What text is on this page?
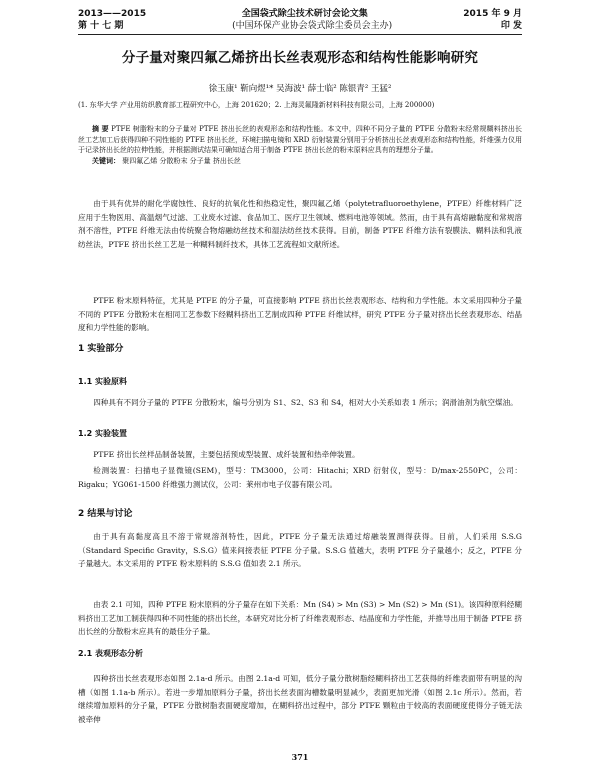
2013——2015	全国袋式除尘技术研讨会论文集	2015 年 9 月
第 十 七 期	(中国环保产业协会袋式除尘委员会主办)	印 发
分子量对聚四氟乙烯挤出长丝表观形态和结构性能影响研究
徐玉康¹ 靳向煜¹* 吴海波¹ 薛士临² 陈银青² 王猛²
(1. 东华大学 产业用纺织教育部工程研究中心，上海 201620；2. 上海灵氟隆新材料科技有限公司，上海 200000)
摘 要 PTFE 树脂粉末的分子量对 PTFE 挤出长丝的表观形态和结构性能。本文中，四种不同分子量的 PTFE 分散粉末经常规糊料挤出长丝工艺加工后获得四种不同性能的 PTFE 挤出长丝，环境扫描电镜和 XRD 衍射装置分别用于分析挤出长丝表观形态和结构性能，纤维强力仪用于记录挤出长丝的拉伸性能，并根据测试结果可确知适合用于制备 PTFE 挤出长丝的粉末原料应具有的理想分子量。
关键词： 聚四氟乙烯 分散粉末 分子量 挤出长丝
由于具有优异的耐化学腐蚀性、良好的抗氧化性和热稳定性，聚四氟乙烯（polytetrafluoroethylene，PTFE）纤维材料广泛应用于生物医用、高温烟气过滤、工业废水过滤、食品加工、医疗卫生领域、燃料电池等领域。然而，由于具有高熔融黏度和常规溶剂不溶性，PTFE 纤维无法由传统聚合物熔融纺丝技术和湿法纺丝技术获得。目前，制备 PTFE 纤维方法有裂膜法、糊料法和乳液纺丝法，PTFE 挤出长丝工艺是一种糊料制纤技术，具体工艺流程如文献所述。
PTFE 粉末原料特征，尤其是 PTFE 的分子量，可直接影响 PTFE 挤出长丝表观形态、结构和力学性能。本文采用四种分子量不同的 PTFE 分散粉末在相同工艺参数下经糊料挤出工艺制成四种 PTFE 纤维试样，研究 PTFE 分子量对挤出长丝表观形态、结晶度和力学性能的影响。
1 实验部分
1.1 实验原料
四种具有不同分子量的 PTFE 分散粉末，编号分别为 S1、S2、S3 和 S4，相对大小关系如表 1 所示；润滑油剂为航空煤油。
1.2 实验装置
PTFE 挤出长丝样品制备装置，主要包括预成型装置、成纤装置和热牵伸装置。
检测装置：扫描电子显微镜(SEM)，型号：TM3000，公司：Hitachi；XRD 衍射仪，型号：D/max-2550PC，公司：Rigaku；YG061-1500 纤维强力测试仪，公司：莱州市电子仪器有限公司。
2 结果与讨论
由于具有高黏度高且不溶于常规溶剂特性，因此，PTFE 分子量无法通过熔融装置测得获得。目前，人们采用 S.S.G（Standard Specific Gravity，S.S.G）值来间接表征 PTFE 分子量。S.S.G 值越大，表明 PTFE 分子量越小；反之，PTFE 分子量越大。本文采用的 PTFE 粉末原料的 S.S.G 值如表 2.1 所示。
由表 2.1 可知，四种 PTFE 粉末原料的分子量存在如下关系：Mn (S4) > Mn (S3) > Mn (S2) > Mn (S1)。该四种原料经糊料挤出工艺加工制获得四种不同性能的挤出长丝，本研究对比分析了纤维表观形态、结晶度和力学性能，并推导出用于制备 PTFE 挤出长丝的分散粉末应具有的最佳分子量。
2.1 表观形态分析
四种挤出长丝表观形态如图 2.1a-d 所示。由图 2.1a-d 可知，低分子量分散树脂经糊料挤出工艺获得的纤维表面带有明显的沟槽（如图 1.1a-b 所示）。若进一步增加原料分子量，挤出长丝表面沟槽数量明显减少，表面更加光滑（如图 2.1c 所示）。然而，若继续增加原料的分子量，PTFE 分散树脂表面硬度增加，在糊料挤出过程中，部分 PTFE 颗粒由于较高的表面硬度使得分子链无法被牵伸
371
